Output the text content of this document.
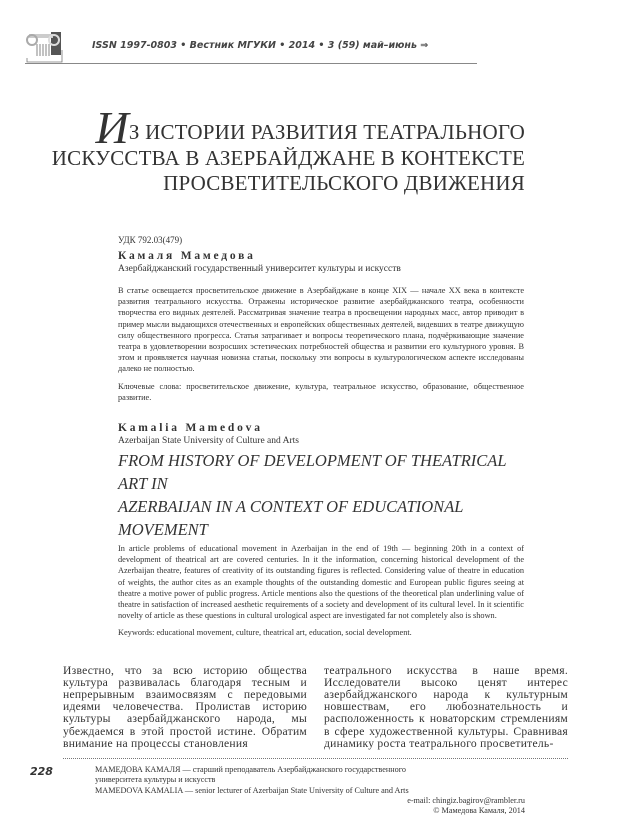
ISSN 1997-0803 • Вестник МГУКИ • 2014 • 3 (59) май–июнь ⇒
ИЗ ИСТОРИИ РАЗВИТИЯ ТЕАТРАЛЬНОГО
ИСКУССТВА В АЗЕРБАЙДЖАНЕ В КОНТЕКСТЕ
ПРОСВЕТИТЕЛЬСКОГО ДВИЖЕНИЯ
УДК 792.03(479)
Камаля Мамедова
Азербайджанский государственный университет культуры и искусств
В статье освещается просветительское движение в Азербайджане в конце XIX — начале XX века в контексте развития театрального искусства. Отражены историческое развитие азербайджанского театра, особенности творчества его видных деятелей. Рассматривая значение театра в просвещении народных масс, автор приводит в пример мысли выдающихся отечественных и европейских общественных деятелей, видевших в театре движущую силу общественного прогресса. Статья затрагивает и вопросы теоретического плана, подчёркивающие значение театра в удовлетворении возросших эстетических потребностей общества и развитии его культурного уровня. В этом и проявляется научная новизна статьи, поскольку эти вопросы в культурологическом аспекте исследованы далеко не полностью.
Ключевые слова: просветительское движение, культура, театральное искусство, образование, общественное развитие.
Kamalia Mamedova
Azerbaijan State University of Culture and Arts
FROM HISTORY OF DEVELOPMENT OF THEATRICAL ART IN
AZERBAIJAN IN A CONTEXT OF EDUCATIONAL MOVEMENT
In article problems of educational movement in Azerbaijan in the end of 19th — beginning 20th in a context of development of theatrical art are covered centuries. In it the information, concerning historical development of the Azerbaijan theatre, features of creativity of its outstanding figures is reflected. Considering value of theatre in education of weights, the author cites as an example thoughts of the outstanding domestic and European public figures seeing at theatre a motive power of public progress. Article mentions also the questions of the theoretical plan underlining value of theatre in satisfaction of increased aesthetic requirements of a society and development of its cultural level. In it scientific novelty of article as these questions in cultural urological aspect are investigated far not completely also is shown.
Keywords: educational movement, culture, theatrical art, education, social development.
Известно, что за всю историю общества культура развивалась благодаря тесным и непрерывным взаимосвязям с передовыми идеями человечества. Пролистав историю культуры азербайджанского народа, мы убеждаемся в этой простой истине. Обратим внимание на процессы становления
театрального искусства в наше время. Исследователи высоко ценят интерес азербайджанского народа к культурным новшествам, его любознательность и расположенность к новаторским стремлениям в сфере художественной культуры. Сравнивая динамику роста театрального просветитель-
228	МАМЕДОВА КАМАЛЯ — старший преподаватель Азербайджанского государственного университета культуры и искусств
MAMEDOVA KAMALIA — senior lecturer of Azerbaijan State University of Culture and Arts
e-mail: chingiz.bagirov@rambler.ru
© Мамедова Камаля, 2014
